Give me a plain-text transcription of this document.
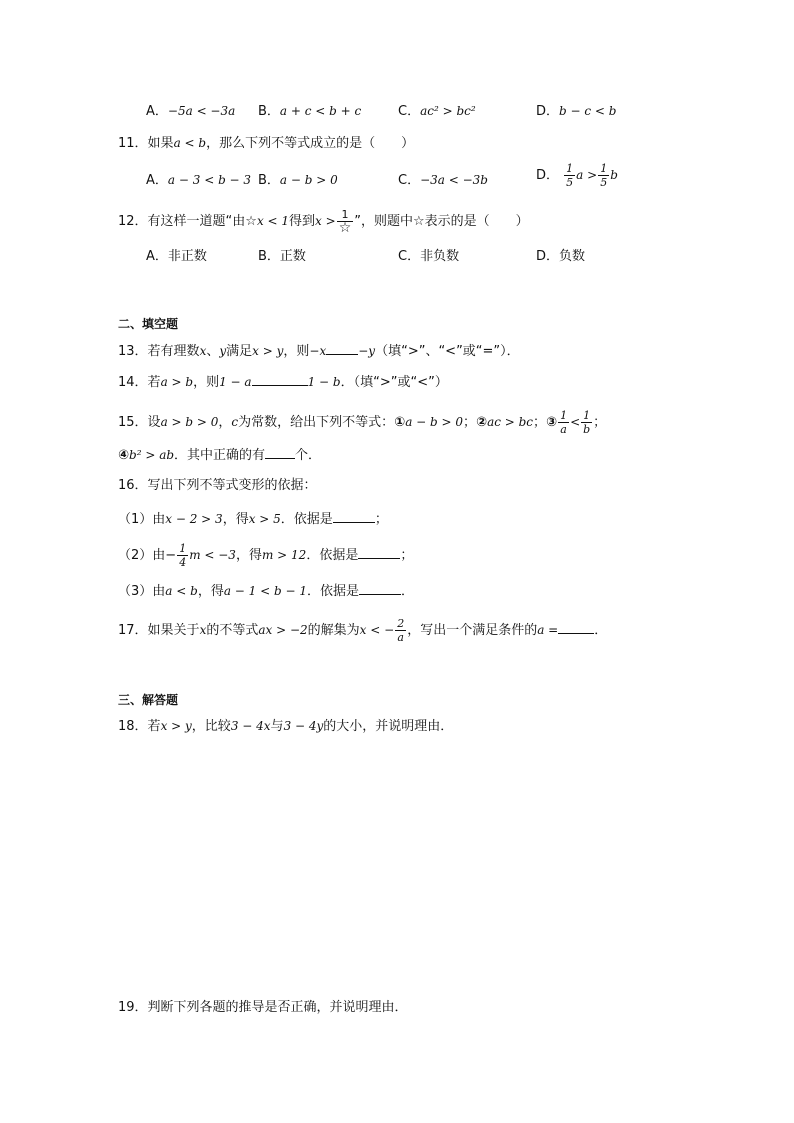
A．−5a < −3a B．a + c < b + c	C．ac² > bc²	D．b − c < b
11．如果a < b，那么下列不等式成立的是（　　）
A．a − 3 < b − 3 B．a − b > 0	C．−3a < −3b	D． $\frac{1}{5}$ $a > \frac{1}{5}$ b
12．有这样一道题“由☆x < 1得到$x > \frac{1}{☆}$ ”，则题中☆表示的是（　　）
A．非正数	B．正数	C．非负数	D．负数
二、填空题
13．若有理数x、y满足x > y，则−x	−y（填“>”、“<”或“=”）．
14．若a > b，则1 − a	1 − b．（填“>”或“<”）
15．设a > b > 0，c为常数，给出下列不等式：①a − b > 0；②ac > bc；③ $\frac{1}{a} < \frac{1}{b}$ ；
④b² > ab．其中正确的有 个．
16．写出下列不等式变形的依据：
（1）由x − 2 > 3，得x > 5．依据是	；
（2）由− $\frac{1}{4}$ m < −3，得m > 12．依据是	；
（3）由a < b，得a − 1 < b − 1．依据是	．
17．如果关于x的不等式ax > −2的解集为x < − $\frac{2}{a}$ ，写出一个满足条件的a =	．
三、解答题
18．若x > y，比较3 − 4x与3 − 4y的大小，并说明理由．
19．判断下列各题的推导是否正确，并说明理由．
